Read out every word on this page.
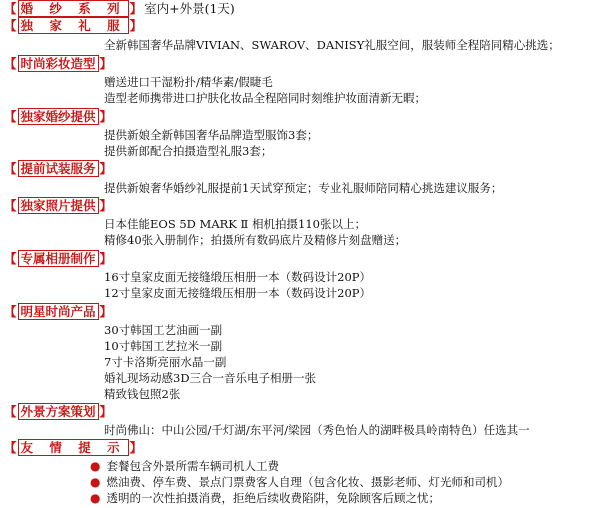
【 婚 纱 系 列 】 室内+外景(1天)
【 独 家 礼 服 】
全新韩国奢华品牌VIVIAN、SWAROV、DANISY礼服空间，服装师全程陪同精心挑选；
【 时尚彩妆造型 】
赠送进口干湿粉扑/精华素/假睫毛
造型老师携带进口护肤化妆品全程陪同时刻维护妆面清新无暇；
【 独家婚纱提供 】
提供新娘全新韩国奢华品牌造型服饰3套；
提供新郎配合拍摄造型礼服3套；
【 提前试装服务 】
提供新娘奢华婚纱礼服提前1天试穿预定；专业礼服师陪同精心挑选建议服务；
【 独家照片提供 】
日本佳能EOS 5D MARK Ⅱ 相机拍摄110张以上；
精修40张入册制作；拍摄所有数码底片及精修片刻盘赠送；
【 专属相册制作 】
16寸皇家皮面无接缝缎压相册一本（数码设计20P）
12寸皇家皮面无接缝缎压相册一本（数码设计20P）
【 明星时尚产品 】
30寸韩国工艺油画一副
10寸韩国工艺拉米一副
7寸卡洛斯亮丽水晶一副
婚礼现场动感3D三合一音乐电子相册一张
精致钱包照2张
【 外景方案策划 】
时尚佛山：中山公园/千灯湖/东平河/梁园（秀色怡人的湖畔极具岭南特色）任选其一
【 友 情 提 示 】
● 套餐包含外景所需车辆司机人工费
● 燃油费、停车费、景点门票费客人自理（包含化妆、摄影老师、灯光师和司机）
● 透明的一次性拍摄消费，拒绝后续收费陷阱，免除顾客后顾之忧；
